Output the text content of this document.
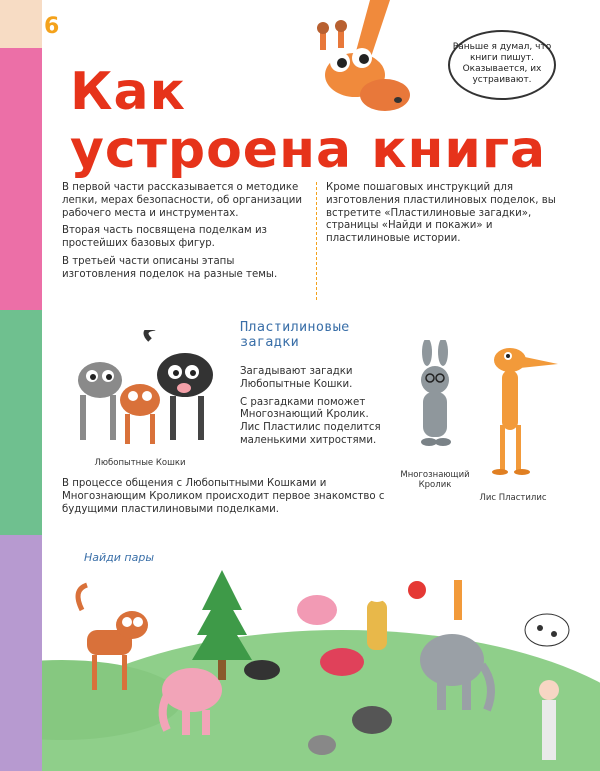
6
Раньше я думал, что книги пишут. Оказывается, их устраивают.
Как
устроена книга

В первой части рассказывается о методике лепки, мерах безопасности, об организации рабочего места и инструментах.

Вторая часть посвящена поделкам из простейших базовых фигур.

В третьей части описаны этапы изготовления поделок на разные темы.

Кроме пошаговых инструкций для изготовления пластилиновых поделок, вы встретите «Пластилиновые загадки», страницы «Найди и покажи» и пластилиновые истории.
Любопытные Кошки
Пластилиновые
загадки

Загадывают загадки Любопытные Кошки.

С разгадками поможет Многознающий Кролик. Лис Пластилис поделится маленькими хитростями.

Многознающий
Кролик
Лис Пластилис
В процессе общения с Любопытными Кошками и Многознающим Кроликом происходит первое знакомство с будущими пластилиновыми поделками.
Найди пары
